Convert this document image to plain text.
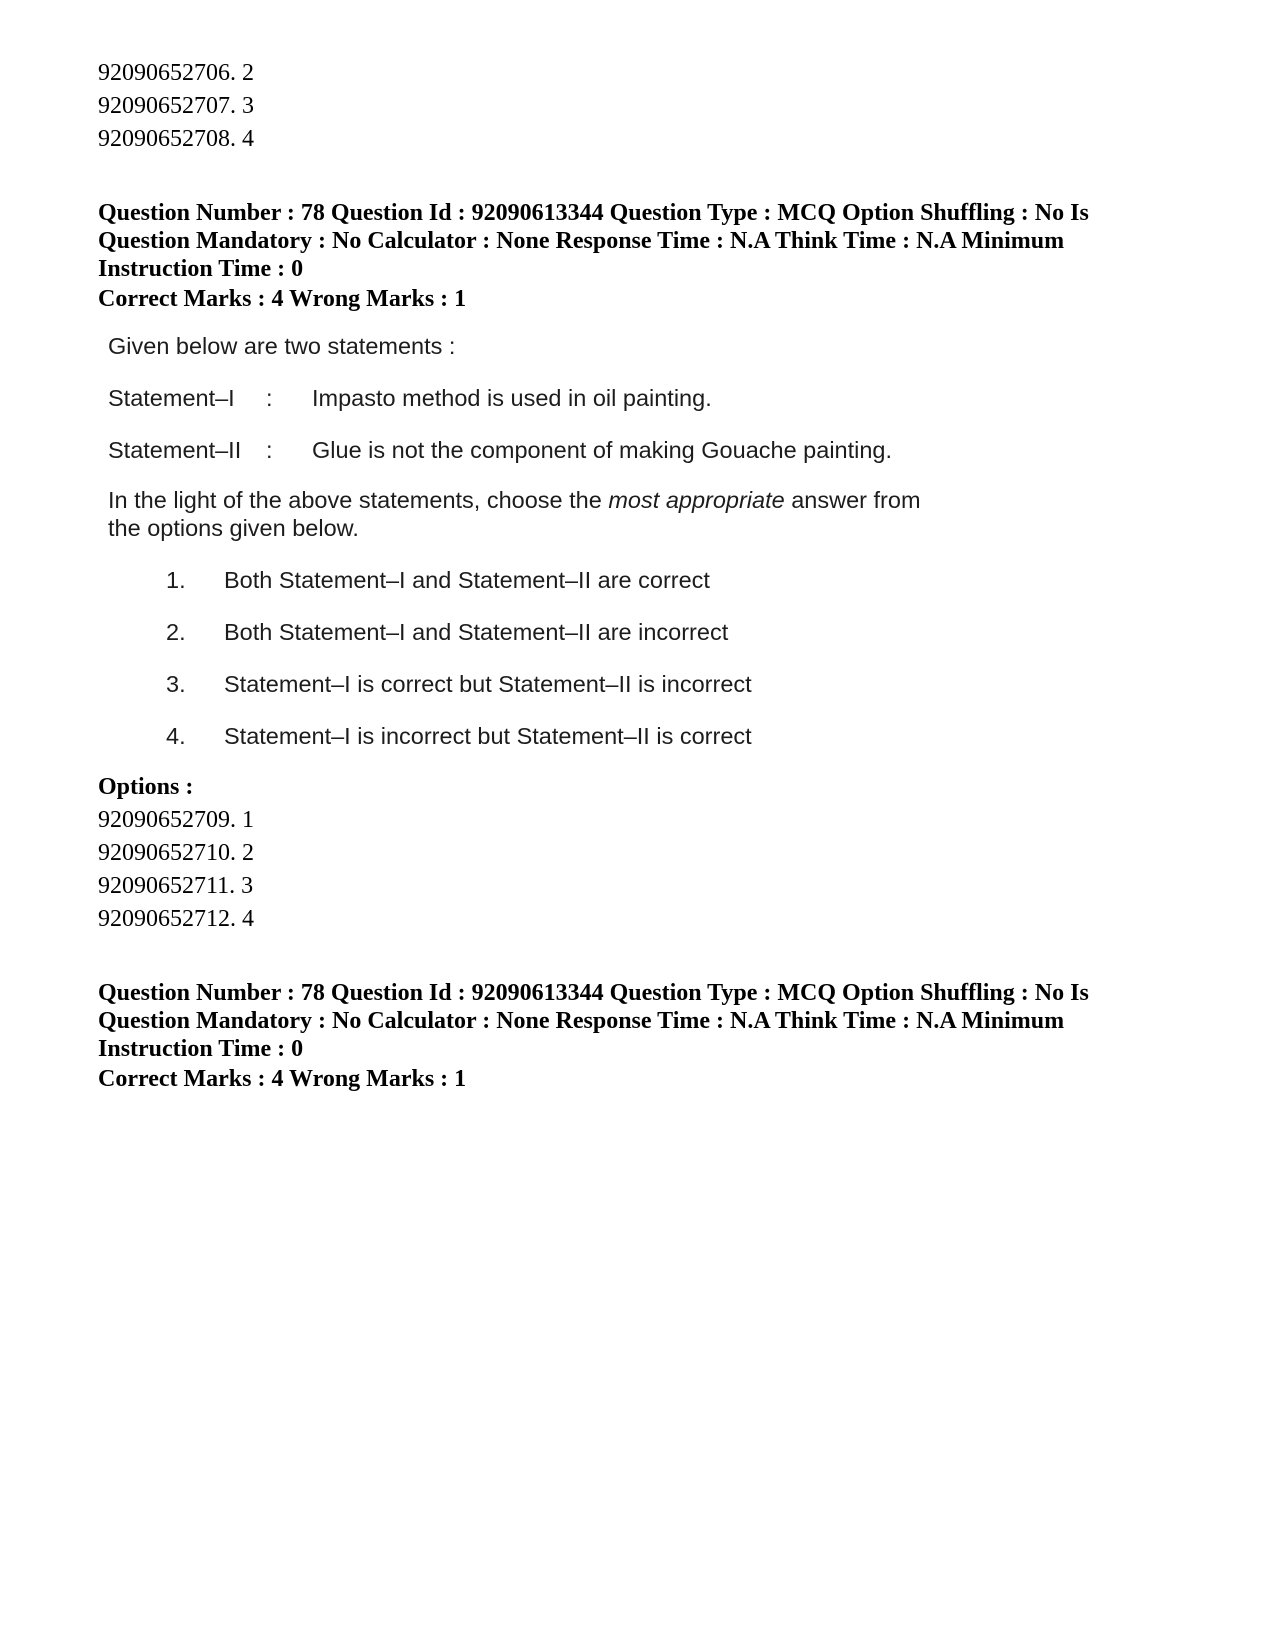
92090652706. 2
92090652707. 3
92090652708. 4
Question Number : 78 Question Id : 92090613344 Question Type : MCQ Option Shuffling : No Is
Question Mandatory : No Calculator : None Response Time : N.A Think Time : N.A Minimum
Instruction Time : 0
Correct Marks : 4 Wrong Marks : 1
Given below are two statements :
Statement–I : Impasto method is used in oil painting.
Statement–II : Glue is not the component of making Gouache painting.
In the light of the above statements, choose the most appropriate answer from
the options given below.
1. Both Statement–I and Statement–II are correct
2. Both Statement–I and Statement–II are incorrect
3. Statement–I is correct but Statement–II is incorrect
4. Statement–I is incorrect but Statement–II is correct
Options :
92090652709. 1
92090652710. 2
92090652711. 3
92090652712. 4
Question Number : 78 Question Id : 92090613344 Question Type : MCQ Option Shuffling : No Is
Question Mandatory : No Calculator : None Response Time : N.A Think Time : N.A Minimum
Instruction Time : 0
Correct Marks : 4 Wrong Marks : 1
